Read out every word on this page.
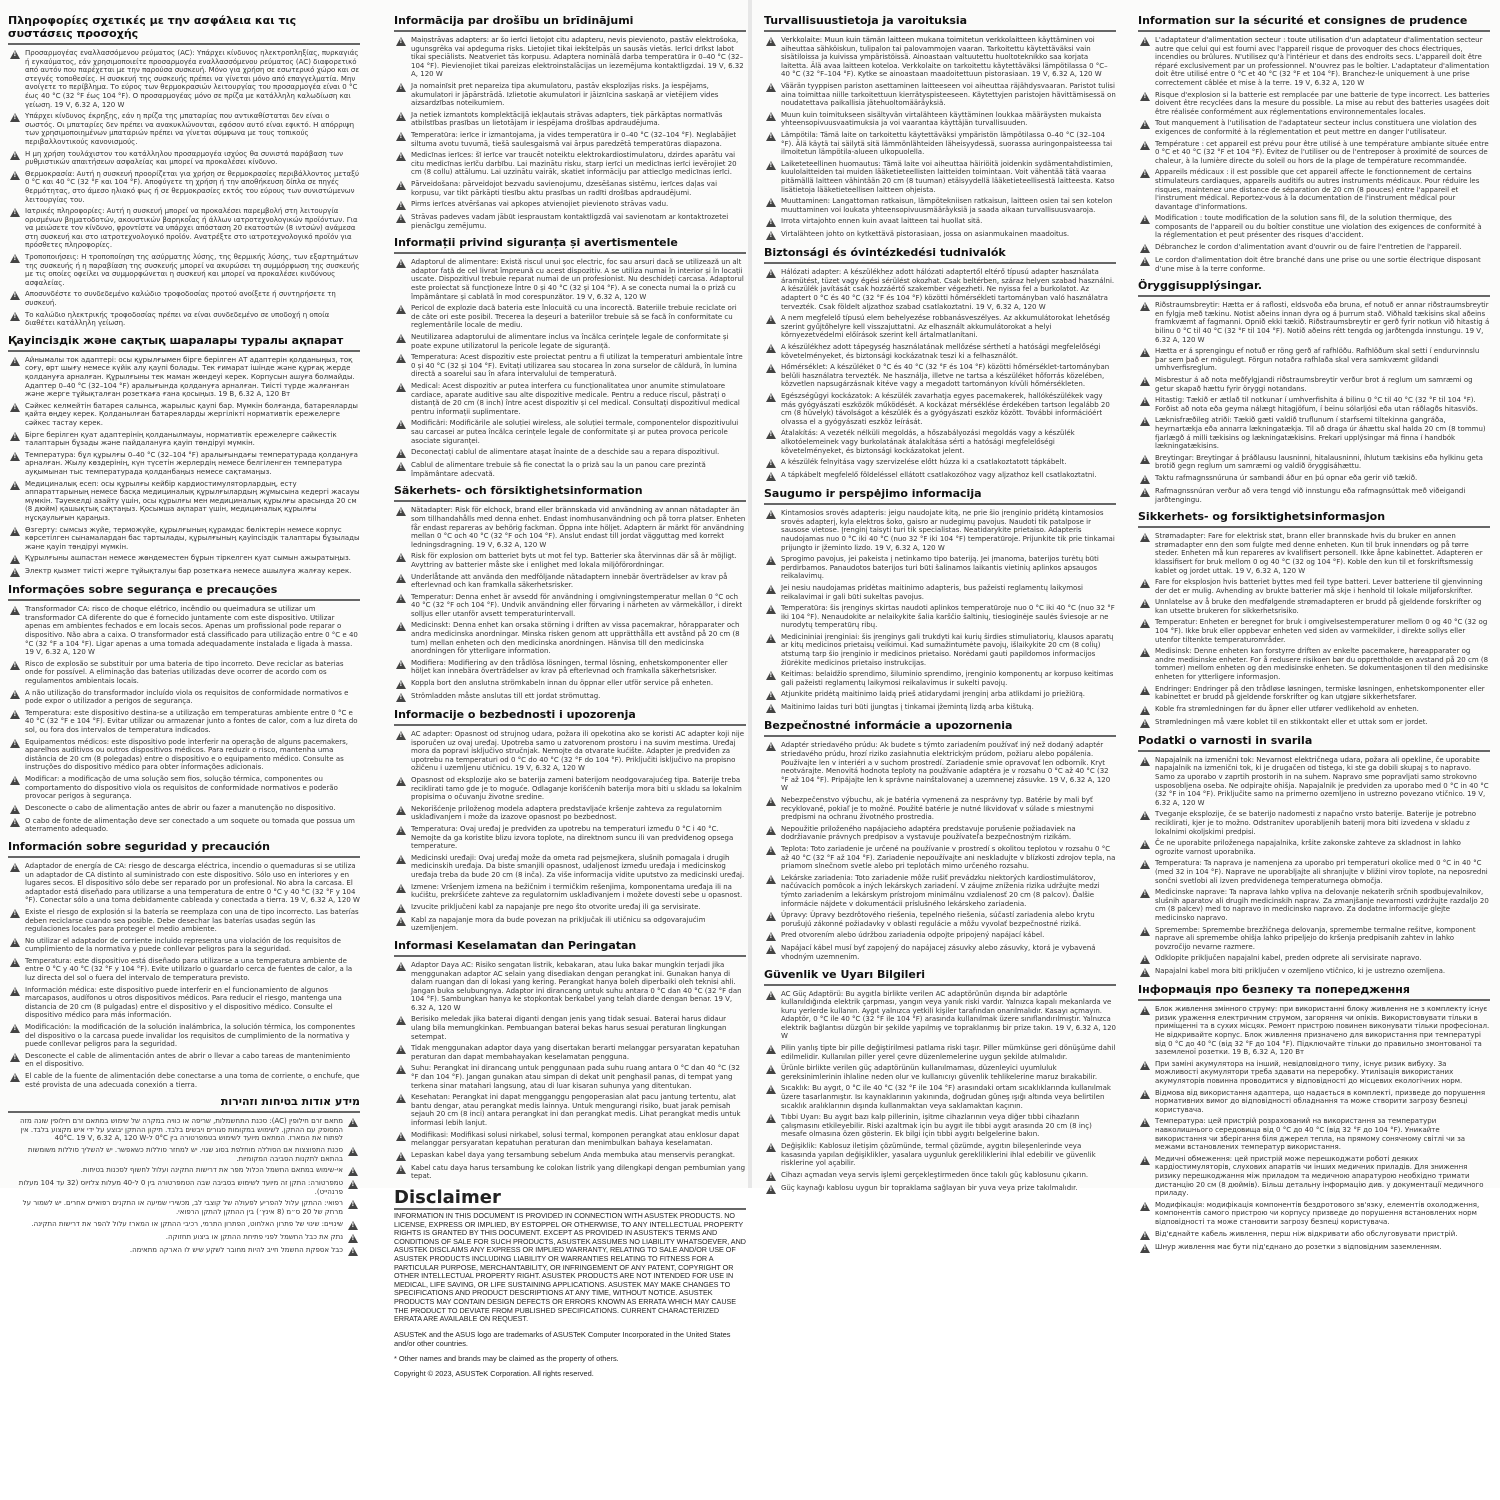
Πληροφορίες σχετικές με την ασφάλεια και τις συστάσεις προσοχής
!
Προσαρμογέας εναλλασσόμενου ρεύματος (AC): Υπάρχει κίνδυνος ηλεκτροπληξίας, πυρκαγιάς ή εγκαύματος, εάν χρησιμοποιείτε προσαρμογέα εναλλασσόμενου ρεύματος (AC) διαφορετικό από αυτόν που παρέχεται με την παρούσα συσκευή. Μόνο για χρήση σε εσωτερικό χώρο και σε στεγνές τοποθεσίες. Η συσκευή της συσκευής πρέπει να γίνεται μόνο από επαγγελματία. Μην ανοίγετε το περίβλημα. Το εύρος των θερμοκρασιών λειτουργίας του προσαρμογέα είναι 0 °C έως 40 °C (32 °F έως 104 °F). Ο προσαρμογέας μόνο σε πρίζα με κατάλληλη καλωδίωση και γείωση. 19 V, 6.32 A, 120 W
!
Υπάρχει κίνδυνος έκρηξης, εάν η πρίζα της μπαταρίας που αντικαθίσταται δεν είναι ο σωστός. Οι μπαταρίες δεν πρέπει να ανακυκλώνονται, εφόσον αυτό είναι εφικτό. Η απόρριψη των χρησιμοποιημένων μπαταριών πρέπει να γίνεται σύμφωνα με τους τοπικούς περιβαλλοντικούς κανονισμούς.
!
Η μη χρήση τουλάχιστον του κατάλληλου προσαρμογέα ισχύος θα συνιστά παράβαση των ρυθμιστικών απαιτήσεων ασφαλείας και μπορεί να προκαλέσει κίνδυνο.
!
Θερμοκρασία: Αυτή η συσκευή προορίζεται για χρήση σε θερμοκρασίες περιβάλλοντος μεταξύ 0 °C και 40 °C (32 °F και 104 °F). Αποφύγετε τη χρήση ή την αποθήκευση δίπλα σε πηγές θερμότητας, στο άμεσο ηλιακό φως ή σε θερμοκρασίες εκτός του εύρους των συνιστώμενων λειτουργίας του.
!
Ιατρικές πληροφορίες: Αυτή η συσκευή μπορεί να προκαλέσει παρεμβολή στη λειτουργία ορισμένων βηματοδοτών, ακουστικών βαρηκοΐας ή άλλων ιατροτεχνολογικών προϊόντων. Για να μειώσετε τον κίνδυνο, φροντίστε να υπάρχει απόσταση 20 εκατοστών (8 ιντσών) ανάμεσα στη συσκευή και στο ιατροτεχνολογικό προϊόν. Ανατρέξτε στο ιατροτεχνολογικό προϊόν για πρόσθετες πληροφορίες.
!
Τροποποιήσεις: Η τροποποίηση της ασύρματης λύσης, της θερμικής λύσης, των εξαρτημάτων της συσκευής ή η παραβίαση της συσκευής μπορεί να ακυρώσει τη συμμόρφωση της συσκευής με τις οποίες οφείλει να συμμορφώνεται η συσκευή και μπορεί να προκαλέσει κινδύνους ασφαλείας.
!
Αποσυνδέστε το συνδεδεμένο καλώδιο τροφοδοσίας προτού ανοίξετε ή συντηρήσετε τη συσκευή.
!
Το καλώδιο ηλεκτρικής τροφοδοσίας πρέπει να είναι συνδεδεμένο σε υποδοχή η οποία διαθέτει κατάλληλη γείωση.
Қауіпсіздік және сақтық шаралары туралы ақпарат
!
Айнымалы ток адаптері: осы құрылғымен бірге берілген АТ адаптерін қолданыңыз, тоқ соғу, өрт шығу немесе күйік алу қаупі болады. Тек ғимарат ішінде және құрғақ жерде қолдануға арналған. Құрылғыны тек маман жөндеуі керек. Корпусын ашуға болмайды. Адаптер 0–40 °C (32–104 °F) аралығында қолдануға арналған. Тиісті түрде жалғанған және жерге тұйықталған розеткаға ғана қосыңыз. 19 В, 6.32 А, 120 Вт
!
Сәйкес келмейтін батарея салынса, жарылыс қаупі бар. Мүмкін болғанда, батареяларды қайта өңдеу керек. Қолданылған батареяларды жергілікті нормативтік ережелерге сәйкес тастау керек.
!
Бірге берілген қуат адаптерінің қолданылмауы, нормативтік ережелерге сәйкестік талаптарын бұзады және пайдалануға қауіп төндіруі мүмкін.
!
Температура: бұл құрылғы 0–40 °C (32–104 °F) аралығындағы температурада қолдануға арналған. Жылу көздерінің, күн түсетін жерлердің немесе белгіленген температура ауқымынан тыс температурада қолданбаңыз немесе сақтамаңыз.
!
Медициналық есеп: осы құрылғы кейбір кардиостимуляторлардың, есту аппараттарының немесе басқа медициналық құрылғылардың жұмысына кедергі жасауы мүмкін. Тәуекелді азайту үшін, осы құрылғы мен медициналық құрылғы арасында 20 см (8 дюйм) қашықтық сақтаңыз. Қосымша ақпарат үшін, медициналық құрылғы нұсқаулығын қараңыз.
!
Өзгерту: сымсыз жүйе, терможүйе, құрылғының құрамдас бөліктерін немесе корпус көрсетілген сынамалардан бас тартылады, құрылғының қауіпсіздік талаптары бұзылады және қауіп төндіруі мүмкін.
!
Құрылғыны ашпастан немесе жөндеместен бұрын тіркелген қуат сымын ажыратыңыз.
!
Электр қызмет тиісті жерге тұйықталуы бар розеткаға немесе ашылуға жалғау керек.
Informações sobre segurança e precauções
!
Transformador CA: risco de choque elétrico, incêndio ou queimadura se utilizar um transformador CA diferente do que é fornecido juntamente com este dispositivo. Utilizar apenas em ambientes fechados e em locais secos. Apenas um profissional pode reparar o dispositivo. Não abra a caixa. O transformador está classificado para utilização entre 0 °C e 40 °C (32 °F a 104 °F). Ligar apenas a uma tomada adequadamente instalada e ligada à massa. 19 V, 6.32 A, 120 W
!
Risco de explosão se substituir por uma bateria de tipo incorreto. Deve reciclar as baterias onde for possível. A eliminação das baterias utilizadas deve ocorrer de acordo com os regulamentos ambientais locais.
!
A não utilização do transformador incluído viola os requisitos de conformidade normativos e pode expor o utilizador a perigos de segurança.
!
Temperatura: este dispositivo destina-se a utilização em temperaturas ambiente entre 0 °C e 40 °C (32 °F e 104 °F). Evitar utilizar ou armazenar junto a fontes de calor, com a luz direta do sol, ou fora dos intervalos de temperatura indicados.
!
Equipamentos médicos: este dispositivo pode interferir na operação de alguns pacemakers, aparelhos auditivos ou outros dispositivos médicos. Para reduzir o risco, mantenha uma distância de 20 cm (8 polegadas) entre o dispositivo e o equipamento médico. Consulte as instruções do dispositivo médico para obter informações adicionais.
!
Modificar: a modificação de uma solução sem fios, solução térmica, componentes ou comportamento do dispositivo viola os requisitos de conformidade normativos e poderão provocar perigos à segurança.
!
Desconecte o cabo de alimentação antes de abrir ou fazer a manutenção no dispositivo.
!
O cabo de fonte de alimentação deve ser conectado a um soquete ou tomada que possua um aterramento adequado.
Información sobre seguridad y precaución
!
Adaptador de energía de CA: riesgo de descarga eléctrica, incendio o quemaduras si se utiliza un adaptador de CA distinto al suministrado con este dispositivo. Sólo uso en interiores y en lugares secos. El dispositivo sólo debe ser reparado por un profesional. No abra la carcasa. El adaptador está diseñado para utilizarse a una temperatura de entre 0 °C y 40 °C (32 °F y 104 °F). Conectar sólo a una toma debidamente cableada y conectada a tierra. 19 V, 6.32 A, 120 W
!
Existe el riesgo de explosión si la batería se reemplaza con una de tipo incorrecto. Las baterías deben reciclarse cuando sea posible. Debe desechar las baterías usadas según las regulaciones locales para proteger el medio ambiente.
!
No utilizar el adaptador de corriente incluido representa una violación de los requisitos de cumplimiento de la normativa y puede conllevar peligros para la seguridad.
!
Temperatura: este dispositivo está diseñado para utilizarse a una temperatura ambiente de entre 0 °C y 40 °C (32 °F y 104 °F). Evite utilizarlo o guardarlo cerca de fuentes de calor, a la luz directa del sol o fuera del intervalo de temperatura previsto.
!
Información médica: este dispositivo puede interferir en el funcionamiento de algunos marcapasos, audífonos u otros dispositivos médicos. Para reducir el riesgo, mantenga una distancia de 20 cm (8 pulgadas) entre el dispositivo y el dispositivo médico. Consulte el dispositivo médico para más información.
!
Modificación: la modificación de la solución inalámbrica, la solución térmica, los componentes del dispositivo o la carcasa puede invalidar los requisitos de cumplimiento de la normativa y puede conllevar peligros para la seguridad.
!
Desconecte el cable de alimentación antes de abrir o llevar a cabo tareas de mantenimiento en el dispositivo.
!
El cable de la fuente de alimentación debe conectarse a una toma de corriente, o enchufe, que esté provista de una adecuada conexión a tierra.
מידע אודות בטיחות וזהירות
!
מתאם זרם חילופין (AC): סכנת התחשמלות, שריפה או כוויה במקרה של שימוש במתאם זרם חילופין שונה מזה המסופק עם ההתקן. לשימוש במקומות סגורים ויבשים בלבד. תיקון ההתקן יבוצע על ידי איש מקצוע בלבד. אין לפתוח את המארז. המתאם מיועד לשימוש בטמפרטורה בין 0°C ל-40°C. 19 V, 6.32 A, 120 W
!
סכנת התפוצצות אם הסוללה מוחלפת בסוג שגוי. יש למחזר סוללות כשאפשר. יש להשליך סוללות משומשות בהתאם לתקנות הסביבה המקומיות.
!
אי-שימוש במתאם החשמל הכלול מפר את דרישות התקינה ועלול לחשוף לסכנות בטיחות.
!
טמפרטורה: התקן זה מיועד לשימוש בסביבה שבה הטמפרטורה בין 0 ל-40 מעלות צלזיוס (32 עד 104 מעלות פרנהייט).
!
רפואי: ההתקן עלול להפריע לפעולה של קוצבי לב, מכשירי שמיעה או התקנים רפואיים אחרים. יש לשמור על מרחק של 20 ס״מ (8 אינץ׳) בין ההתקן להתקן הרפואי.
!
שינויים: שינוי של פתרון האלחוט, הפתרון התרמי, רכיבי ההתקן או המארז עלול להפר את דרישות התקינה.
!
נתק את כבל החשמל לפני פתיחת ההתקן או ביצוע תחזוקה.
!
כבל אספקת החשמל חייב להיות מחובר לשקע שיש לו הארקה מתאימה.
Informācija par drošību un brīdinājumi
!
Maiņstrāvas adapters: ar šo ierīci lietojot citu adapteru, nevis pievienoto, pastāv elektrošoka, ugunsgrēka vai apdeguma risks. Lietojiet tikai iekštelpās un sausās vietās. Ierīci drīkst labot tikai speciālists. Neatveriet tās korpusu. Adaptera nominālā darba temperatūra ir 0–40 °C (32–104 °F). Pievienojiet tikai pareizas elektroinstalācijas un iezemējuma kontaktligzdai. 19 V, 6.32 A, 120 W
!
Ja nomainīsit pret nepareiza tipa akumulatoru, pastāv eksplozijas risks. Ja iespējams, akumulatori ir jāpārstrādā. Izlietotie akumulatori ir jāiznīcina saskaņā ar vietējiem vides aizsardzības noteikumiem.
!
Ja netiek izmantots komplektācijā iekļautais strāvas adapters, tiek pārkāptas normatīvās atbilstības prasības un lietotājam ir iespējama drošības apdraudējuma.
!
Temperatūra: ierīce ir izmantojama, ja vides temperatūra ir 0–40 °C (32–104 °F). Neglabājiet siltuma avotu tuvumā, tiešā saulesgaismā vai ārpus paredzētā temperatūras diapazona.
!
Medicīnas ierīces: šī ierīce var traucēt noteiktu elektrokardiostimulatoru, dzirdes aparātu vai citu medicīnas ierīču darbību. Lai mazinātu risku, starp ierīci un medicīnas ierīci ievērojiet 20 cm (8 collu) attālumu. Lai uzzinātu vairāk, skatiet informāciju par attiecīgo medicīnas ierīci.
!
Pārveidošana: pārveidojot bezvadu savienojumu, dzesēšanas sistēmu, ierīces daļas vai korpusu, var tikt pārkāpti tiesību aktu prasības un radīti drošības apdraudējumi.
!
Pirms ierīces atvēršanas vai apkopes atvienojiet pievienoto strāvas vadu.
!
Strāvas padeves vadam jābūt iespraustam kontaktligzdā vai savienotam ar kontaktrozetei pienācīgu zemējumu.
Informații privind siguranța și avertismentele
!
Adaptorul de alimentare: Există riscul unui șoc electric, foc sau arsuri dacă se utilizează un alt adaptor față de cel livrat împreună cu acest dispozitiv. A se utiliza numai în interior și în locații uscate. Dispozitivul trebuie reparat numai de un profesionist. Nu deschideți carcasa. Adaptorul este proiectat să funcționeze între 0 și 40 °C (32 și 104 °F). A se conecta numai la o priză cu împământare și cablată în mod corespunzător. 19 V, 6.32 A, 120 W
!
Pericol de explozie dacă bateria este înlocuită cu una incorectă. Bateriile trebuie reciclate ori de câte ori este posibil. Trecerea la deșeuri a bateriilor trebuie să se facă în conformitate cu reglementările locale de mediu.
!
Neutilizarea adaptorului de alimentare inclus va încălca cerințele legale de conformitate și poate expune utilizatorul la pericole legate de siguranță.
!
Temperatura: Acest dispozitiv este proiectat pentru a fi utilizat la temperaturi ambientale între 0 și 40 °C (32 și 104 °F). Evitați utilizarea sau stocarea în zona surselor de căldură, în lumina directă a soarelui sau în afara intervalului de temperatură.
!
Medical: Acest dispozitiv ar putea interfera cu funcționalitatea unor anumite stimulatoare cardiace, aparate auditive sau alte dispozitive medicale. Pentru a reduce riscul, păstrați o distanță de 20 cm (8 inch) între acest dispozitiv și cel medical. Consultați dispozitivul medical pentru informații suplimentare.
!
Modificări: Modificările ale soluției wireless, ale soluției termale, componentelor dispozitivului sau carcasei ar putea încălca cerințele legale de conformitate și ar putea provoca pericole asociate siguranței.
!
Deconectați cablul de alimentare atașat înainte de a deschide sau a repara dispozitivul.
!
Cablul de alimentare trebuie să fie conectat la o priză sau la un panou care prezintă împământare adecvată.
Säkerhets- och försiktighetsinformation
!
Nätadapter: Risk för elchock, brand eller brännskada vid användning av annan nätadapter än som tillhandahålls med denna enhet. Endast inomhusanvändning och på torra platser. Enheten får endast repareras av behörig fackman. Öppna inte höljet. Adaptern är märkt för användning mellan 0 °C och 40 °C (32 °F och 104 °F). Anslut endast till jordat vägguttag med korrekt ledningsdragning. 19 V, 6.32 A, 120 W
!
Risk för explosion om batteriet byts ut mot fel typ. Batterier ska återvinnas där så är möjligt. Avyttring av batterier måste ske i enlighet med lokala miljöförordningar.
!
Underlåtande att använda den medföljande nätadaptern innebär överträdelser av krav på efterlevnad och kan framkalla säkerhetsrisker.
!
Temperatur: Denna enhet är avsedd för användning i omgivningstemperatur mellan 0 °C och 40 °C (32 °F och 104 °F). Undvik användning eller förvaring i närheten av värmekällor, i direkt solljus eller utanför avsett temperaturintervall.
!
Medicinskt: Denna enhet kan orsaka störning i driften av vissa pacemakrar, hörapparater och andra medicinska anordningar. Minska risken genom att upprätthålla ett avstånd på 20 cm (8 tum) mellan enheten och den medicinska anordningen. Hänvisa till den medicinska anordningen för ytterligare information.
!
Modifiera: Modifiering av den trådlösa lösningen, termal lösning, enhetskomponenter eller höljet kan innebära överträdelser av krav på efterlevnad och framkalla säkerhetsrisker.
!
Koppla bort den anslutna strömkabeln innan du öppnar eller utför service på enheten.
!
Strömladden måste anslutas till ett jordat strömuttag.
Informacije o bezbednosti i upozorenja
!
AC adapter: Opasnost od strujnog udara, požara ili opekotina ako se koristi AC adapter koji nije isporučen uz ovaj uređaj. Upotreba samo u zatvorenom prostoru i na suvim mestima. Uređaj mora da popravi isključivo stručnjak. Nemojte da otvarate kućište. Adapter je predviđen za upotrebu na temperaturi od 0 °C do 40 °C (32 °F do 104 °F). Priključiti isključivo na propisno ožičenu i uzemljenu utičnicu. 19 V, 6.32 A, 120 W
!
Opasnost od eksplozije ako se baterija zameni baterijom neodgovarajućeg tipa. Baterije treba reciklirati tamo gde je to moguće. Odlaganje korišćenih baterija mora biti u skladu sa lokalnim propisima o očuvanju životne sredine.
!
Nekorišćenje priloženog modela adaptera predstavljaće kršenje zahteva za regulatornim usklađivanjem i može da izazove opasnost po bezbednost.
!
Temperatura: Ovaj uređaj je predviđen za upotrebu na temperaturi između 0 °C i 40 °C. Nemojte da ga koristite blizu izvora toplote, na direktnom suncu ili van predviđenog opsega temperature.
!
Medicinski uređaji: Ovaj uređaj može da ometa rad pejsmejkera, slušnih pomagala i drugih medicinskih uređaja. Da biste smanjili opasnost, udaljenost između uređaja i medicinskog uređaja treba da bude 20 cm (8 inča). Za više informacija vidite uputstvo za medicinski uređaj.
!
Izmene: Vršenjem izmena na bežičnim i termičkim rešenjima, komponentama uređaja ili na kućištu, prekršićete zahteve za regulatornim usklađivanjem i možete dovesti sebe u opasnost.
!
Izvucite priključeni kabl za napajanje pre nego što otvorite uređaj ili ga servisirate.
!
Kabl za napajanje mora da bude povezan na priključak ili utičnicu sa odgovarajućim uzemljenjem.
Informasi Keselamatan dan Peringatan
!
Adaptor Daya AC: Risiko sengatan listrik, kebakaran, atau luka bakar mungkin terjadi jika menggunakan adaptor AC selain yang disediakan dengan perangkat ini. Gunakan hanya di dalam ruangan dan di lokasi yang kering. Perangkat hanya boleh diperbaiki oleh teknisi ahli. Jangan buka selubungnya. Adaptor ini dirancang untuk suhu antara 0 °C dan 40 °C (32 °F dan 104 °F). Sambungkan hanya ke stopkontak berkabel yang telah diarde dengan benar. 19 V, 6.32 A, 120 W
!
Berisiko meledak jika baterai diganti dengan jenis yang tidak sesuai. Baterai harus didaur ulang bila memungkinkan. Pembuangan baterai bekas harus sesuai peraturan lingkungan setempat.
!
Tidak menggunakan adaptor daya yang disertakan berarti melanggar persyaratan kepatuhan peraturan dan dapat membahayakan keselamatan pengguna.
!
Suhu: Perangkat ini dirancang untuk penggunaan pada suhu ruang antara 0 °C dan 40 °C (32 °F dan 104 °F). Jangan gunakan atau simpan di dekat unit penghasil panas, di tempat yang terkena sinar matahari langsung, atau di luar kisaran suhunya yang ditentukan.
!
Kesehatan: Perangkat ini dapat mengganggu pengoperasian alat pacu jantung tertentu, alat bantu dengar, atau perangkat medis lainnya. Untuk mengurangi risiko, buat jarak pemisah sejauh 20 cm (8 inci) antara perangkat ini dan perangkat medis. Lihat perangkat medis untuk informasi lebih lanjut.
!
Modifikasi: Modifikasi solusi nirkabel, solusi termal, komponen perangkat atau enklosur dapat melanggar persyaratan kepatuhan peraturan dan menimbulkan bahaya keselamatan.
!
Lepaskan kabel daya yang tersambung sebelum Anda membuka atau menservis perangkat.
!
Kabel catu daya harus tersambung ke colokan listrik yang dilengkapi dengan pembumian yang tepat.
Disclaimer
INFORMATION IN THIS DOCUMENT IS PROVIDED IN CONNECTION WITH ASUSTEK PRODUCTS. NO LICENSE, EXPRESS OR IMPLIED, BY ESTOPPEL OR OTHERWISE, TO ANY INTELLECTUAL PROPERTY RIGHTS IS GRANTED BY THIS DOCUMENT. EXCEPT AS PROVIDED IN ASUSTEK'S TERMS AND CONDITIONS OF SALE FOR SUCH PRODUCTS, ASUSTEK ASSUMES NO LIABILITY WHATSOEVER, AND ASUSTEK DISCLAIMS ANY EXPRESS OR IMPLIED WARRANTY, RELATING TO SALE AND/OR USE OF ASUSTEK PRODUCTS INCLUDING LIABILITY OR WARRANTIES RELATING TO FITNESS FOR A PARTICULAR PURPOSE, MERCHANTABILITY, OR INFRINGEMENT OF ANY PATENT, COPYRIGHT OR OTHER INTELLECTUAL PROPERTY RIGHT. ASUSTEK PRODUCTS ARE NOT INTENDED FOR USE IN MEDICAL, LIFE SAVING, OR LIFE SUSTAINING APPLICATIONS. ASUSTEK MAY MAKE CHANGES TO SPECIFICATIONS AND PRODUCT DESCRIPTIONS AT ANY TIME, WITHOUT NOTICE. ASUSTEK PRODUCTS MAY CONTAIN DESIGN DEFECTS OR ERRORS KNOWN AS ERRATA WHICH MAY CAUSE THE PRODUCT TO DEVIATE FROM PUBLISHED SPECIFICATIONS. CURRENT CHARACTERIZED ERRATA ARE AVAILABLE ON REQUEST.
ASUSTeK and the ASUS logo are trademarks of ASUSTeK Computer Incorporated in the United States and/or other countries.
* Other names and brands may be claimed as the property of others.
Copyright © 2023, ASUSTeK Corporation. All rights reserved.
Turvallisuustietoja ja varoituksia
!
Verkkolaite: Muun kuin tämän laitteen mukana toimitetun verkkolaitteen käyttäminen voi aiheuttaa sähköiskun, tulipalon tai palovammojen vaaran. Tarkoitettu käytettäväksi vain sisätiloissa ja kuivissa ympäristöissä. Ainoastaan valtuutettu huoltoteknikko saa korjata laitetta. Älä avaa laitteen koteloa. Verkkolaite on tarkoitettu käytettäväksi lämpötilassa 0 °C–40 °C (32 °F–104 °F). Kytke se ainoastaan maadoitettuun pistorasiaan. 19 V, 6.32 A, 120 W
!
Väärän tyyppisen pariston asettaminen laitteeseen voi aiheuttaa räjähdysvaaran. Paristot tulisi aina toimittaa niille tarkoitettuun kierrätyspisteeseen. Käytettyjen paristojen hävittämisessä on noudatettava paikallisia jätehuoltomääräyksiä.
!
Muun kuin toimitukseen sisältyvän virtalähteen käyttäminen loukkaa määräysten mukaista yhteensopivuusvaatimuksia ja voi vaarantaa käyttäjän turvallisuuden.
!
Lämpötila: Tämä laite on tarkoitettu käytettäväksi ympäristön lämpötilassa 0–40 °C (32–104 °F). Älä käytä tai säilytä sitä lämmönlähteiden läheisyydessä, suorassa auringonpaisteessa tai ilmoitetun lämpötila-alueen ulkopuolella.
!
Laiketeteellinen huomautus: Tämä laite voi aiheuttaa häiriöitä joidenkin sydämentahdistimien, kuulolaitteiden tai muiden lääketieteellisten laitteiden toimintaan. Voit vähentää tätä vaaraa pitämällä laitteen vähintään 20 cm (8 tuuman) etäisyydellä lääketieteellisestä laitteesta. Katso lisätietoja lääketieteellisen laitteen ohjeista.
!
Muuttaminen: Langattoman ratkaisun, lämpötekniisen ratkaisun, laitteen osien tai sen kotelon muuttaminen voi loukata yhteensopivuusmääräyksiä ja saada aikaan turvallisuusvaaroja.
!
Irrota virtajohto ennen kuin avaat laitteen tai huollat sitä.
!
Virtalähteen johto on kytkettävä pistorasiaan, jossa on asianmukainen maadoitus.
Biztonsági és óvintézkedési tudnivalók
!
Hálózati adapter: A készülékhez adott hálózati adaptertől eltérő típusú adapter használata áramütést, tüzet vagy égési sérülést okozhat. Csak beltérben, száraz helyen szabad használni. A készülék javítását csak hozzáértő szakember végezheti. Ne nyissa fel a burkolatot. Az adaptert 0 °C és 40 °C (32 °F és 104 °F) közötti hőmérsékleti tartományban való használatra tervezték. Csak földelt aljzathoz szabad csatlakoztatni. 19 V, 6.32 A, 120 W
!
A nem megfelelő típusú elem behelyezése robbanásveszélyes. Az akkumulátorokat lehetőség szerint gyűjtőhelyre kell visszajuttatni. Az elhasznált akkumulátorokat a helyi környezetvédelmi előírások szerint kell ártalmatlanítani.
!
A készülékhez adott tápegység használatának mellőzése sérthetí a hatósági megfelelőségi követelményeket, és biztonsági kockázatnak teszi ki a felhasználót.
!
Hőmérséklet: A készüléket 0 °C és 40 °C (32 °F és 104 °F) közötti hőmérséklet-tartományban belüli használatra tervezték. Ne használja, illetve ne tartsa a készüléket hőforrás közelében, közvetlen napsugárzásnak kitéve vagy a megadott tartományon kívüli hőmérsékleten.
!
Egészségügyi kockázatok: A készülék zavarhatja egyes pacemakerek, hallókészülékek vagy más gyógyászati eszközök működését. A kockázat mérséklése érdekében tartson legalább 20 cm (8 hüvelyk) távolságot a készülék és a gyógyászati eszköz között. További információért olvassa el a gyógyászati eszköz leírását.
!
Átalakítás: A vezeték nélküli megoldás, a hőszabályozási megoldás vagy a készülék alkotóelemeinek vagy burkolatának átalakítása sérti a hatósági megfelelőségi követelményeket, és biztonsági kockázatokat jelent.
!
A készülék felnyitása vagy szervizelése előtt húzza ki a csatlakoztatott tápkábelt.
!
A tápkábelt megfelelő földeléssel ellátott csatlakozóhoz vagy aljzathoz kell csatlakoztatni.
Saugumo ir perspėjimo informacija
!
Kintamosios srovės adapteris: jeigu naudojate kitą, ne prie šio įrenginio pridėtą kintamosios srovės adapterį, kyla elektros šoko, gaisro ar nudegimų pavojus. Naudoti tik patalpose ir sausose vietose. Įrenginį taisyti turi tik specialistas. Neatidarykite prietaiso. Adapteris naudojamas nuo 0 °C iki 40 °C (nuo 32 °F iki 104 °F) temperatūroje. Prijunkite tik prie tinkamai prijungto ir įžeminto lizdo. 19 V, 6.32 A, 120 W
!
Sprogimo pavojus, jei pakeista į netinkamo tipo bateriją. Jei įmanoma, baterijos turėtų būti perdirbamos. Panaudotos baterijos turi būti šalinamos laikantis vietinių aplinkos apsaugos reikalavimų.
!
Jei nesiu naudojamas pridėtas maitinimo adapteris, bus pažeisti reglamentų laikymosi reikalavimai ir gali būti sukeltas pavojus.
!
Temperatūra: šis įrenginys skirtas naudoti aplinkos temperatūroje nuo 0 °C iki 40 °C (nuo 32 °F iki 104 °F). Nenaudokite ar nelaikykite šalia karščio šaltinių, tiesioginėje saulės šviesoje ar ne nurodytų temperatūrų ribų.
!
Medicininiai įrenginiai: šis įrenginys gali trukdyti kai kurių širdies stimuliatorių, klausos aparatų ar kitų medicinos prietaisų veikimui. Kad sumažintumėte pavojų, išlaikykite 20 cm (8 colių) atstumą tarp šio įrenginio ir medicinos prietaiso. Norėdami gauti papildomos informacijos žiūrėkite medicinos prietaiso instrukcijas.
!
Keitimas: belaidžio sprendimo, šiluminio sprendimo, įrenginio komponentų ar korpuso keitimas gali pažeisti reglamentų laikymosi reikalavimus ir sukelti pavojų.
!
Atjunkite pridėtą maitinimo laidą prieš atidarydami įrenginį arba atlikdami jo priežiūrą.
!
Maitinimo laidas turi būti įjungtas į tinkamai įžemintą lizdą arba kištuką.
Bezpečnostné informácie a upozornenia
!
Adaptér striedavého prúdu: Ak budete s týmto zariadením používať iný než dodaný adaptér striedavého prúdu, hrozí riziko zasiahnutia elektrickým prúdom, požiaru alebo popálenia. Používajte len v interiéri a v suchom prostredí. Zariadenie smie opravovať len odborník. Kryt neotvárajte. Menovitá hodnota teploty na používanie adaptéra je v rozsahu 0 °C až 40 °C (32 °F až 104 °F). Pripájajte len k správne nainštalovanej a uzemnenej zásuvke. 19 V, 6.32 A, 120 W
!
Nebezpečenstvo výbuchu, ak je batéria vymenená za nesprávny typ. Batérie by mali byť recyklované, pokiaľ je to možné. Použité batérie je nutné likvidovať v súlade s miestnymi predpismi na ochranu životného prostredia.
!
Nepoužitie priloženého napájacieho adaptéra predstavuje porušenie požiadaviek na dodržiavanie právnych predpisov a vystavuje používateľa bezpečnostným rizikám.
!
Teplota: Toto zariadenie je určené na používanie v prostredí s okolitou teplotou v rozsahu 0 °C až 40 °C (32 °F až 104 °F). Zariadenie nepoužívajte ani neskladujte v blízkosti zdrojov tepla, na priamom slnečnom svetle alebo pri teplotách mimo určeného rozsahu.
!
Lekárske zariadenia: Toto zariadenie môže rušiť prevádzku niektorých kardiostimulátorov, načúvacích pomôcok a iných lekárskych zariadení. V záujme zníženia rizika udržujte medzi týmto zariadením a lekárskym prístrojom minimálnu vzdialenosť 20 cm (8 palcov). Ďalšie informácie nájdete v dokumentácii príslušného lekárskeho zariadenia.
!
Úpravy: Úpravy bezdrôtového riešenia, tepelného riešenia, súčastí zariadenia alebo krytu porušujú zákonné požiadavky v oblasti regulácie a môžu vyvolať bezpečnostné riziká.
!
Pred otvorením alebo údržbou zariadenia odpojte pripojený napájací kábel.
!
Napájací kábel musí byť zapojený do napájacej zásuvky alebo zásuvky, ktorá je vybavená vhodným uzemnením.
Güvenlik ve Uyarı Bilgileri
!
AC Güç Adaptörü: Bu aygıtla birlikte verilen AC adaptörünün dışında bir adaptörle kullanıldığında elektrik çarpması, yangın veya yanık riski vardır. Yalnızca kapalı mekanlarda ve kuru yerlerde kullanın. Aygıt yalnızca yetkili kişiler tarafından onarılmalıdır. Kasayı açmayın. Adaptör, 0 °C ile 40 °C (32 °F ile 104 °F) arasında kullanılmak üzere sınıflandırılmıştır. Yalnızca elektrik bağlantısı düzgün bir şekilde yapılmış ve topraklanmış bir prize takın. 19 V, 6.32 A, 120 W
!
Pilin yanlış tipte bir pille değiştirilmesi patlama riski taşır. Piller mümkünse geri dönüşüme dahil edilmelidir. Kullanılan piller yerel çevre düzenlemelerine uygun şekilde atılmalıdır.
!
Ürünle birlikte verilen güç adaptörünün kullanılmaması, düzenleyici uyumluluk gereksinimlerinin ihlaline neden olur ve kullanıcıyı güvenlik tehlikelerine maruz bırakabilir.
!
Sıcaklık: Bu aygıt, 0 °C ile 40 °C (32 °F ile 104 °F) arasındaki ortam sıcaklıklarında kullanılmak üzere tasarlanmıştır. Isı kaynaklarının yakınında, doğrudan güneş ışığı altında veya belirtilen sıcaklık aralıklarının dışında kullanmaktan veya saklamaktan kaçının.
!
Tıbbi Uyarı: Bu aygıt bazı kalp pillerinin, işitme cihazlarının veya diğer tıbbi cihazların çalışmasını etkileyebilir. Riski azaltmak için bu aygıt ile tıbbi aygıt arasında 20 cm (8 inç) mesafe olmasına özen gösterin. Ek bilgi için tıbbi aygıtı belgelerine bakın.
!
Değişiklik: Kablosuz iletişim çözümünde, termal çözümde, aygıtın bileşenlerinde veya kasasında yapılan değişiklikler, yasalara uygunluk gerekliliklerini ihlal edebilir ve güvenlik risklerine yol açabilir.
!
Cihazı açmadan veya servis işlemi gerçekleştirmeden önce takılı güç kablosunu çıkarın.
!
Güç kaynağı kablosu uygun bir topraklama sağlayan bir yuva veya prize takılmalıdır.
Information sur la sécurité et consignes de prudence
!
L'adaptateur d'alimentation secteur : toute utilisation d'un adaptateur d'alimentation secteur autre que celui qui est fourni avec l'appareil risque de provoquer des chocs électriques, incendies ou brûlures. N'utilisez qu'à l'intérieur et dans des endroits secs. L'appareil doit être réparé exclusivement par un professionnel. N'ouvrez pas le boîtier. L'adaptateur d'alimentation doit être utilisé entre 0 °C et 40 °C (32 °F et 104 °F). Branchez-le uniquement à une prise correctement câblée et mise à la terre. 19 V, 6.32 A, 120 W
!
Risque d'explosion si la batterie est remplacée par une batterie de type incorrect. Les batteries doivent être recyclées dans la mesure du possible. La mise au rebut des batteries usagées doit être réalisée conformément aux réglementations environnementales locales.
!
Tout manquement à l'utilisation de l'adaptateur secteur inclus constituera une violation des exigences de conformité à la réglementation et peut mettre en danger l'utilisateur.
!
Température : cet appareil est prévu pour être utilisé à une température ambiante située entre 0 °C et 40 °C (32 °F et 104 °F). Évitez de l'utiliser ou de l'entreposer à proximité de sources de chaleur, à la lumière directe du soleil ou hors de la plage de température recommandée.
!
Appareils médicaux : il est possible que cet appareil affecte le fonctionnement de certains stimulateurs cardiaques, appareils auditifs ou autres instruments médicaux. Pour réduire les risques, maintenez une distance de séparation de 20 cm (8 pouces) entre l'appareil et l'instrument médical. Reportez-vous à la documentation de l'instrument médical pour davantage d'informations.
!
Modification : toute modification de la solution sans fil, de la solution thermique, des composants de l'appareil ou du boîtier constitue une violation des exigences de conformité à la réglementation et peut présenter des risques d'accident.
!
Débranchez le cordon d'alimentation avant d'ouvrir ou de faire l'entretien de l'appareil.
!
Le cordon d'alimentation doit être branché dans une prise ou une sortie électrique disposant d'une mise à la terre conforme.
Öryggisupplýsingar.
!
Riðstraumsbreytir: Hætta er á raflosti, eldsvoða eða bruna, ef notuð er annar riðstraumsbreytir en fylgja með tækinu. Notist aðeins innan dyra og á þurrum stað. Viðhald tækisins skal aðeins framkvæmt af fagmanni. Opnið ekki tækið. Riðstraumsbreytir er gerð fyrir notkun við hitastig á bilinu 0 °C til 40 °C (32 °F til 104 °F). Notið aðeins rétt tengda og jarðtengda innstungu. 19 V, 6.32 A, 120 W
!
Hætta er á sprengingu ef notuð er röng gerð af rafhlöðu. Rafhlöðum skal setti í endurvinnslu þar sem það er mögulegt. Förgun notaðra rafhlaða skal vera samkvæmt gildandi umhverfisreglum.
!
Misbrestur á að nota meðfylgjandi riðstraumsbreytir verður brot á reglum um samræmi og getur skapað hættu fyrir öryggi notandans.
!
Hitastig: Tækið er ætlað til notkunar í umhverfishita á bilinu 0 °C til 40 °C (32 °F til 104 °F). Forðist að nota eða geyma nálægt hitagjöfum, í beinu sólarljósi eða utan ráðlagðs hitasviðs.
!
Læknisfræðileg atriði: Tækið gæti valdið truflunum í starfsemi tiltekinna gangráða, heyrnartækja eða annarra lækningatækja. Til að draga úr áhættu skal halda 20 cm (8 tommu) fjarlægð á milli tækisins og lækningatækisins. Frekari upplýsingar má finna í handbók lækningatækisins.
!
Breytingar: Breytingar á þráðlausu lausninni, hitalausninni, íhlutum tækisins eða hylkinu geta brotið gegn reglum um samræmi og valdið öryggisáhættu.
!
Taktu rafmagnssnúruna úr sambandi áður en þú opnar eða gerir við tækið.
!
Rafmagnssnúran verður að vera tengd við innstungu eða rafmagnsúttak með viðeigandi jarðtengingu.
Sikkerhets- og forsiktighetsinformasjon
!
Strømadapter: Fare for elektrisk støt, brann eller brannskade hvis du bruker en annen strømadapter enn den som fulgte med denne enheten. Kun til bruk innendørs og på tørre steder. Enheten må kun repareres av kvalifisert personell. Ikke åpne kabinettet. Adapteren er klassifisert for bruk mellom 0 og 40 °C (32 og 104 °F). Koble den kun til et forskriftsmessig kablet og jordet uttak. 19 V, 6.32 A, 120 W
!
Fare for eksplosjon hvis batteriet byttes med feil type batteri. Lever batteriene til gjenvinning der det er mulig. Avhending av brukte batterier må skje i henhold til lokale miljøforskrifter.
!
Unnlatelse av å bruke den medfølgende strømadapteren er brudd på gjeldende forskrifter og kan utsette brukeren for sikkerhetsrisiko.
!
Temperatur: Enheten er beregnet for bruk i omgivelsestemperaturer mellom 0 og 40 °C (32 og 104 °F). Ikke bruk eller oppbevar enheten ved siden av varmekilder, i direkte sollys eller utenfor tiltenkte temperaturområder.
!
Medisinsk: Denne enheten kan forstyrre driften av enkelte pacemakere, høreapparater og andre medisinske enheter. For å redusere risikoen bør du opprettholde en avstand på 20 cm (8 tommer) mellom enheten og den medisinske enheten. Se dokumentasjonen til den medisinske enheten for ytterligere informasjon.
!
Endringer: Endringer på den trådløse løsningen, termiske løsningen, enhetskomponenter eller kabinettet er brudd på gjeldende forskrifter og kan utgjøre sikkerhetsfarer.
!
Koble fra strømledningen før du åpner eller utfører vedlikehold av enheten.
!
Strømledningen må være koblet til en stikkontakt eller et uttak som er jordet.
Podatki o varnosti in svarila
!
Napajalnik na izmenični tok: Nevarnost električnega udara, požara ali opekline, če uporabite napajalnik na izmenični tok, ki je drugačen od tistega, ki ste ga dobili skupaj s to napravo. Samo za uporabo v zaprtih prostorih in na suhem. Napravo sme popravljati samo strokovno usposobljena oseba. Ne odpirajte ohišja. Napajalnik je predviden za uporabo med 0 °C in 40 °C (32 °F in 104 °F). Priključite samo na primerno ozemljeno in ustrezno povezano vtičnico. 19 V, 6.32 A, 120 W
!
Tveganje eksplozije, če se baterijo nadomesti z napačno vrsto baterije. Baterije je potrebno reciklirati, kjer je to možno. Odstranitev uporabljenih baterij mora biti izvedena v skladu z lokalnimi okoljskimi predpisi.
!
Če ne uporabite priloženega napajalnika, kršite zakonske zahteve za skladnost in lahko ogrozite varnost uporabnika.
!
Temperatura: Ta naprava je namenjena za uporabo pri temperaturi okolice med 0 °C in 40 °C (med 32 in 104 °F). Naprave ne uporabljajte ali shranjujte v bližini virov toplote, na neposredni sončni svetlobi ali izven predvidenega temperaturnega območja.
!
Medicinske naprave: Ta naprava lahko vpliva na delovanje nekaterih srčnih spodbujevalnikov, slušnih aparatov ali drugih medicinskih naprav. Za zmanjšanje nevarnosti vzdržujte razdaljo 20 cm (8 palcev) med to napravo in medicinsko napravo. Za dodatne informacije glejte medicinsko napravo.
!
Spremembe: Spremembe brezžičnega delovanja, spremembe termalne rešitve, komponent naprave ali spremembe ohišja lahko pripeljejo do kršenja predpisanih zahtev in lahko povzročijo nevarne razmere.
!
Odklopite priključen napajalni kabel, preden odprete ali servisirate napravo.
!
Napajalni kabel mora biti priključen v ozemljeno vtičnico, ki je ustrezno ozemljena.
Інформація про безпеку та попередження
!
Блок живлення змінного струму: при використанні блоку живлення не з комплекту існує ризик ураження електричним струмом, загоряння чи опіків. Використовувати тільки в приміщенні та в сухих місцях. Ремонт пристрою повинен виконувати тільки професіонал. Не відкривайте корпус. Блок живлення призначено для використання при температурі від 0 °C до 40 °C (від 32 °F до 104 °F). Підключайте тільки до правильно змонтованої та заземленої розетки. 19 В, 6.32 А, 120 Вт
!
При заміні акумулятора на інший, невідповідного типу, існує ризик вибуху. За можливості акумулятори треба здавати на переробку. Утилізація використаних акумуляторів повинна проводитися у відповідності до місцевих екологічних норм.
!
Відмова від використання адаптера, що надається в комплекті, призведе до порушення нормативних вимог до відповідності обладнання та може створити загрозу безпеці користувача.
!
Температура: цей пристрій розрахований на використання за температури навколишнього середовища від 0 °C до 40 °C (від 32 °F до 104 °F). Уникайте використання чи зберігання біля джерел тепла, на прямому сонячному світлі чи за межами встановлених температур використання.
!
Медичні обмеження: цей пристрій може перешкоджати роботі деяких кардіостимуляторів, слухових апаратів чи інших медичних приладів. Для зниження ризику перешкоджання між приладом та медичною апаратурою необхідно тримати дистанцію 20 см (8 дюймів). Більш детальну інформацію див. у документації медичного приладу.
!
Модифікація: модифікація компонентів бездротового зв'язку, елементів охолодження, компонентів самого пристрою чи корпусу призведе до порушення встановлених норм відповідності та може становити загрозу безпеці користувача.
!
Від'єднайте кабель живлення, перш ніж відкривати або обслуговувати пристрій.
!
Шнур живлення має бути під'єднано до розетки з відповідним заземленням.
